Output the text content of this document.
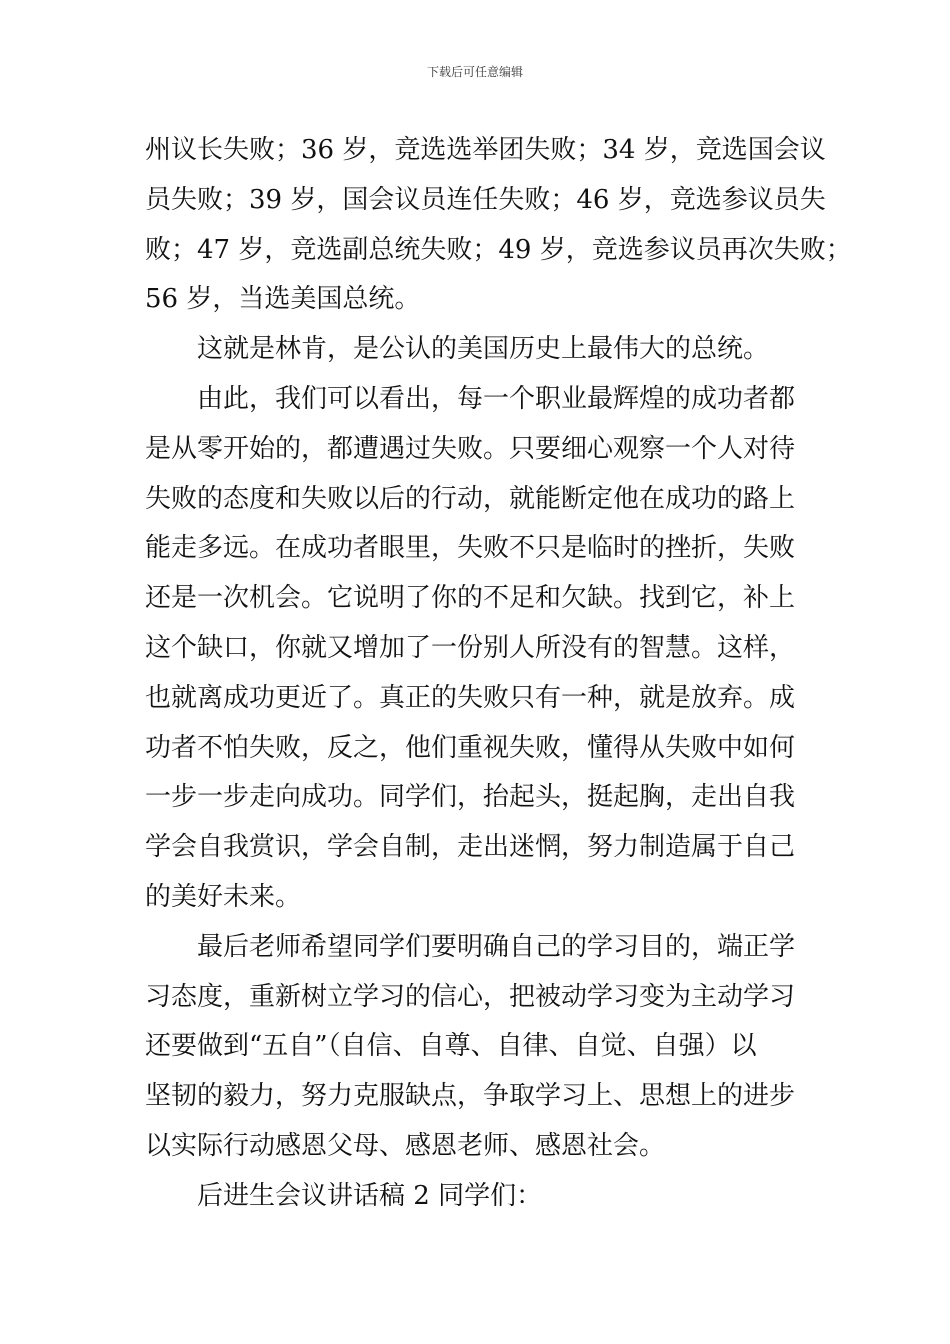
下载后可任意编辑
州议长失败；36 岁，竞选选举团失败；34 岁，竞选国会议
员失败；39 岁，国会议员连任失败；46 岁，竞选参议员失
败；47 岁，竞选副总统失败；49 岁，竞选参议员再次失败；
56 岁，当选美国总统。
这就是林肯，是公认的美国历史上最伟大的总统。
由此，我们可以看出，每一个职业最辉煌的成功者都
是从零开始的，都遭遇过失败。只要细心观察一个人对待
失败的态度和失败以后的行动，就能断定他在成功的路上
能走多远。在成功者眼里，失败不只是临时的挫折，失败
还是一次机会。它说明了你的不足和欠缺。找到它，补上
这个缺口，你就又增加了一份别人所没有的智慧。这样，
也就离成功更近了。真正的失败只有一种，就是放弃。成
功者不怕失败，反之，他们重视失败，懂得从失败中如何
一步一步走向成功。同学们，抬起头，挺起胸，走出自我
学会自我赏识，学会自制，走出迷惘，努力制造属于自己
的美好未来。
最后老师希望同学们要明确自己的学习目的，端正学
习态度，重新树立学习的信心，把被动学习变为主动学习
还要做到“五自”（自信、自尊、自律、自觉、自强）以
坚韧的毅力，努力克服缺点，争取学习上、思想上的进步
以实际行动感恩父母、感恩老师、感恩社会。
后进生会议讲话稿 2 同学们：
